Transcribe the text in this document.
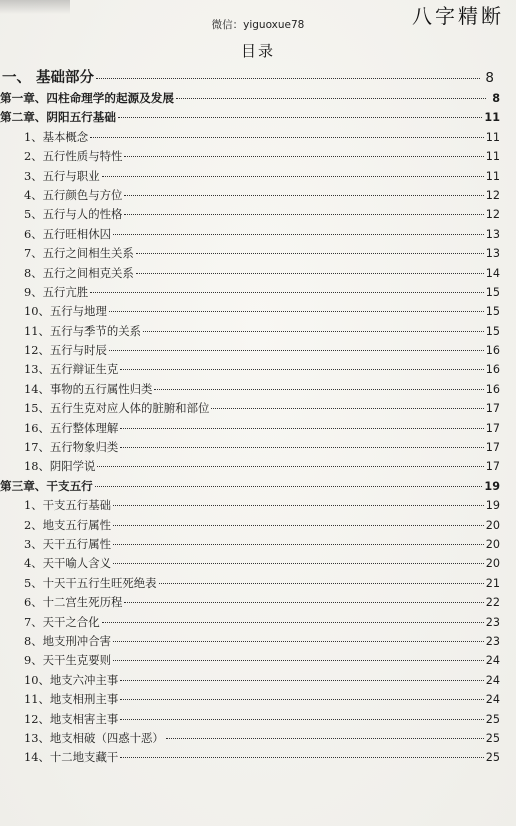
八字精断
微信：yiguoxue78
目录
一、 基础部分	8
第一章、四柱命理学的起源及发展	8
第二章、阴阳五行基础	11
1、基本概念	11
2、五行性质与特性	11
3、五行与职业	11
4、五行颜色与方位	12
5、五行与人的性格	12
6、五行旺相休囚	13
7、五行之间相生关系	13
8、五行之间相克关系	14
9、五行亢胜	15
10、五行与地理	15
11、五行与季节的关系	15
12、五行与时辰	16
13、五行辩证生克	16
14、事物的五行属性归类	16
15、五行生克对应人体的脏腑和部位	17
16、五行整体理解	17
17、五行物象归类	17
18、阴阳学说	17
第三章、干支五行	19
1、干支五行基础	19
2、地支五行属性	20
3、天干五行属性	20
4、天干喻人含义	20
5、十天干五行生旺死绝表	21
6、十二宫生死历程	22
7、天干之合化	23
8、地支刑冲合害	23
9、天干生克要则	24
10、地支六冲主事	24
11、地支相刑主事	24
12、地支相害主事	25
13、地支相破（四惑十恶）	25
14、十二地支藏干	25
